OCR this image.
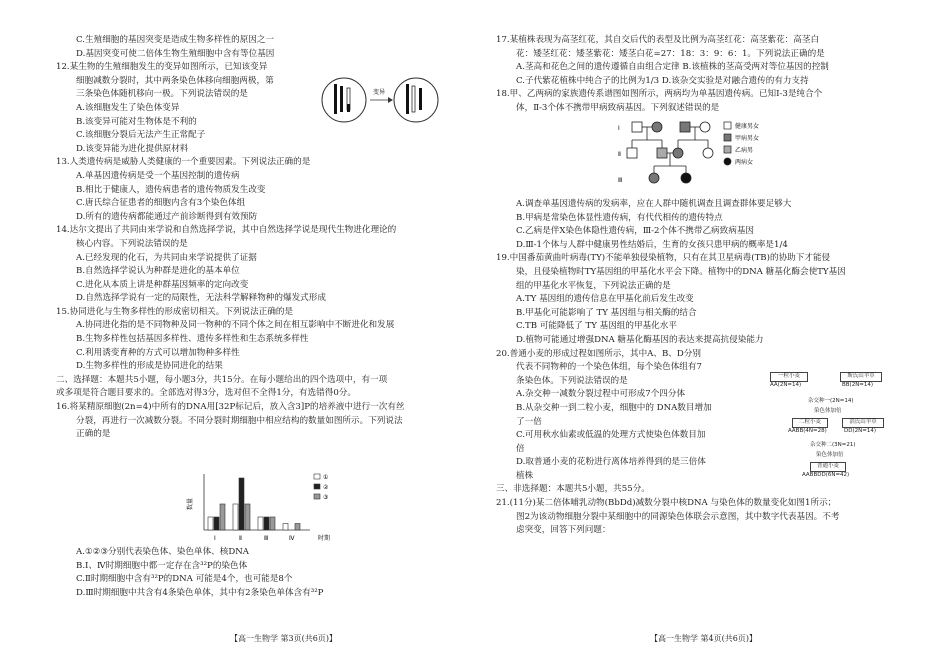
C.生殖细胞的基因突变是造成生物多样性的原因之一
D.基因突变可使二倍体生物生殖细胞中含有等位基因
12.某生物的生殖细胞发生的变异如图所示，已知该变异
细胞减数分裂时，其中两条染色体移向细胞两极，第
三条染色体随机移向一极。下列说法错误的是
A.该细胞发生了染色体变异
B.该变异可能对生物体是不利的
C.该细胞分裂后无法产生正常配子
D.该变异能为进化提供原材料
13.人类遗传病是威胁人类健康的一个重要因素。下列说法正确的是
A.单基因遗传病是受一个基因控制的遗传病
B.相比于健康人，遗传病患者的遗传物质发生改变
C.唐氏综合征患者的细胞内含有3个染色体组
D.所有的遗传病都能通过产前诊断得到有效预防
14.达尔文提出了共同由来学说和自然选择学说，其中自然选择学说是现代生物进化理论的
核心内容。下列说法错误的是
A.已经发现的化石，为共同由来学说提供了证据
B.自然选择学说认为种群是进化的基本单位
C.进化从本质上讲是种群基因频率的定向改变
D.自然选择学说有一定的局限性，无法科学解释物种的爆发式形成
15.协同进化与生物多样性的形成密切相关。下列说法正确的是
A.协同进化指的是不同物种及同一物种的不同个体之间在相互影响中不断进化和发展
B.生物多样性包括基因多样性、遗传多样性和生态系统多样性
C.利用诱变育种的方式可以增加物种多样性
D.生物多样性的形成是协同进化的结果
二、选择题：本题共5小题，每小题3分，共15分。在每小题给出的四个选项中，有一项
或多项是符合题目要求的。全部选对得3分，选对但不全得1分，有选错得0分。
16.将某精原细胞(2n=4)中所有的DNA用[32P标记后，放入含3]P的培养液中进行一次有丝
分裂，再进行一次减数分裂。不同分裂时期细胞中相应结构的数量如图所示。下列说法
正确的是
变异
数量
时期
Ⅰ	Ⅱ	Ⅲ	Ⅳ
①
②
③
A.①②③分别代表染色体、染色单体、核DNA
B.Ⅰ、Ⅳ时期细胞中都一定存在含³²P的染色体
C.Ⅱ时期细胞中含有³²P的DNA 可能是4个，也可能是8个
D.Ⅲ时期细胞中共含有4条染色单体，其中有2条染色单体含有³²P
【高一生物学 第3页(共6页)】
17.某植株表现为高茎红花，其自交后代的表型及比例为高茎红花：高茎紫花：高茎白
花：矮茎红花：矮茎紫花：矮茎白花=27：18：3：9：6：1。下列说法正确的是
A.茎高和花色之间的遗传遵循自由组合定律 B.该植株的茎高受两对等位基因的控制
C.子代紫花植株中纯合子的比例为1/3 D.该杂交实验是对融合遗传的有力支持
18.甲、乙两病的家族遗传系谱图如图所示，两病均为单基因遗传病。已知Ⅰ-3是纯合个
体，Ⅱ-3个体不携带甲病致病基因。下列叙述错误的是
Ⅰ
Ⅱ
Ⅲ
健康男女
甲病男女
乙病男
两病女
A.调查单基因遗传病的发病率，应在人群中随机调查且调查群体要足够大
B.甲病是常染色体显性遗传病，有代代相传的遗传特点
C.乙病是伴X染色体隐性遗传病，Ⅲ-2个体不携带乙病致病基因
D.Ⅲ-1个体与人群中健康男性结婚后，生育的女孩只患甲病的概率是1/4
19.中国番茄黄曲叶病毒(TY)不能单独侵染植物，只有在其卫星病毒(TB)的协助下才能侵
染，且侵染植物时TY基因组的甲基化水平会下降。植物中的DNA 糖基化酶会使TY基因
组的甲基化水平恢复，下列说法正确的是
A.TY 基因组的遗传信息在甲基化前后发生改变
B.甲基化可能影响了 TY 基因组与相关酶的结合
C.TB 可能降低了 TY 基因组的甲基化水平
D.植物可能通过增强DNA 糖基化酶基因的表达来提高抗侵染能力
20.普通小麦的形成过程如图所示，其中A、B、D分别
代表不同物种的一个染色体组，每个染色体组有7
条染色体。下列说法错误的是
A.杂交种一减数分裂过程中可形成7个四分体
B.从杂交种一到二粒小麦，细胞中的 DNA数目增加
了一倍
C.可用秋水仙素或低温的处理方式使染色体数目加
倍
D.取普通小麦的花粉进行离体培养得到的是三倍体
植株
三、非选择题：本题共5小题，共55分。
21.(11分)某二倍体哺乳动物(BbDd)减数分裂中核DNA 与染色体的数量变化如图1所示；
图2为该动物细胞分裂中某细胞中的同源染色体联会示意图，其中数字代表基因。不考
虑突变，回答下列问题：
一粒小麦
AA(2N=14)
斯氏山羊草
BB(2N=14)
杂交种一(2N=14)
染色体加倍
二粒小麦
AABB(4N=28)
滔氏山羊草
DD(2N=14)
杂交种二(3N=21)
染色体加倍
普通小麦
AABBDD(6N=42)
【高一生物学 第4页(共6页)】
